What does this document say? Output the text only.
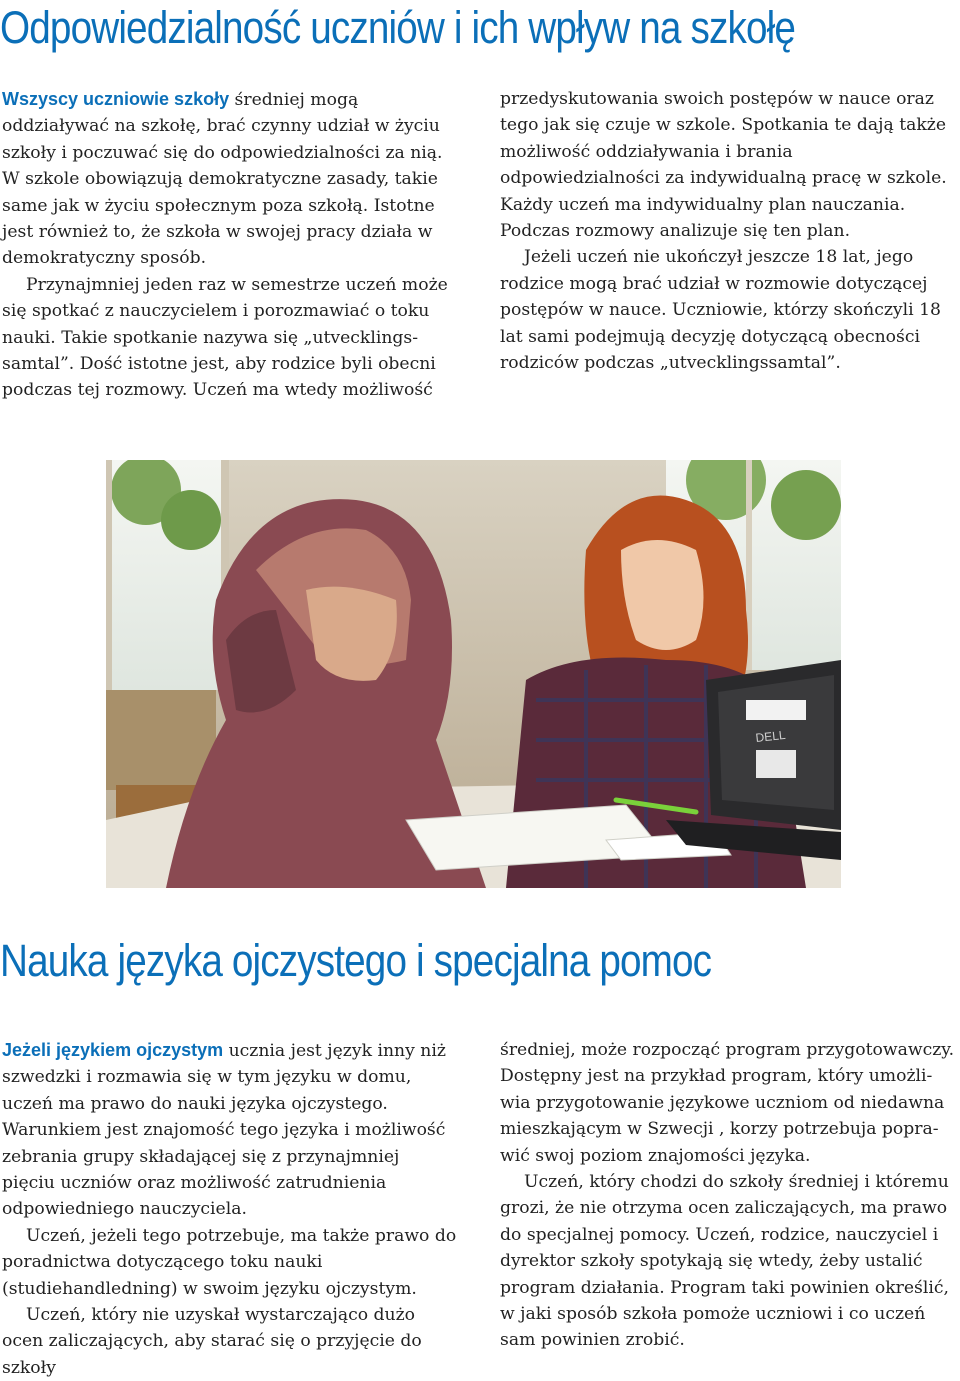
Odpowiedzialność uczniów i ich wpływ na szkołę

Wszyscy uczniowie szkoły średniej mogą oddziaływać na szkołę, brać czynny udział w życiu szkoły i poczuwać się do odpowiedzialności za nią. W szkole obowiązują demokratyczne zasady, takie same jak w życiu społecznym poza szkołą. Istotne jest również to, że szkoła w swojej pracy działa w demokratyczny sposób.

Przynajmniej jeden raz w semestrze uczeń może się spotkać z nauczycielem i porozmawiać o toku nauki. Takie spotkanie nazywa się „utvecklingssamtal”. Dość istotne jest, aby rodzice byli obecni podczas tej rozmowy. Uczeń ma wtedy możliwość

przedyskutowania swoich postępów w nauce oraz tego jak się czuje w szkole. Spotkania te dają także możliwość oddziaływania i brania odpowiedzialności za indywidualną pracę w szkole. Każdy uczeń ma indywidualny plan nauczania. Podczas rozmowy analizuje się ten plan.

Jeżeli uczeń nie ukończył jeszcze 18 lat, jego rodzice mogą brać udział w rozmowie dotyczącej postępów w nauce. Uczniowie, którzy skończyli 18 lat sami podejmują decyzję dotyczącą obecności rodziców podczas „utvecklingssamtal”.

DELL
Nauka języka ojczystego i specjalna pomoc

Jeżeli językiem ojczystym ucznia jest język inny niż szwedzki i rozmawia się w tym języku w domu, uczeń ma prawo do nauki języka ojczystego. Warunkiem jest znajomość tego języka i możliwość zebrania grupy składającej się z przynajmniej pięciu uczniów oraz możliwość zatrudnienia odpowiedniego nauczyciela.

Uczeń, jeżeli tego potrzebuje, ma także prawo do poradnictwa dotyczącego toku nauki (studiehandledning) w swoim języku ojczystym.

Uczeń, który nie uzyskał wystarczająco dużo ocen zaliczających, aby starać się o przyjęcie do szkoły

średniej, może rozpocząć program przygotowawczy. Dostępny jest na przykład program, który umożliwia przygotowanie językowe uczniom od niedawna mieszkającym w Szwecji , korzy potrzebuja poprawić swoj poziom znajomości języka.

Uczeń, który chodzi do szkoły średniej i któremu grozi, że nie otrzyma ocen zaliczających, ma prawo do specjalnej pomocy. Uczeń, rodzice, nauczyciel i dyrektor szkoły spotykają się wtedy, żeby ustalić program działania. Program taki powinien określić, w jaki sposób szkoła pomoże uczniowi i co uczeń sam powinien zrobić.
